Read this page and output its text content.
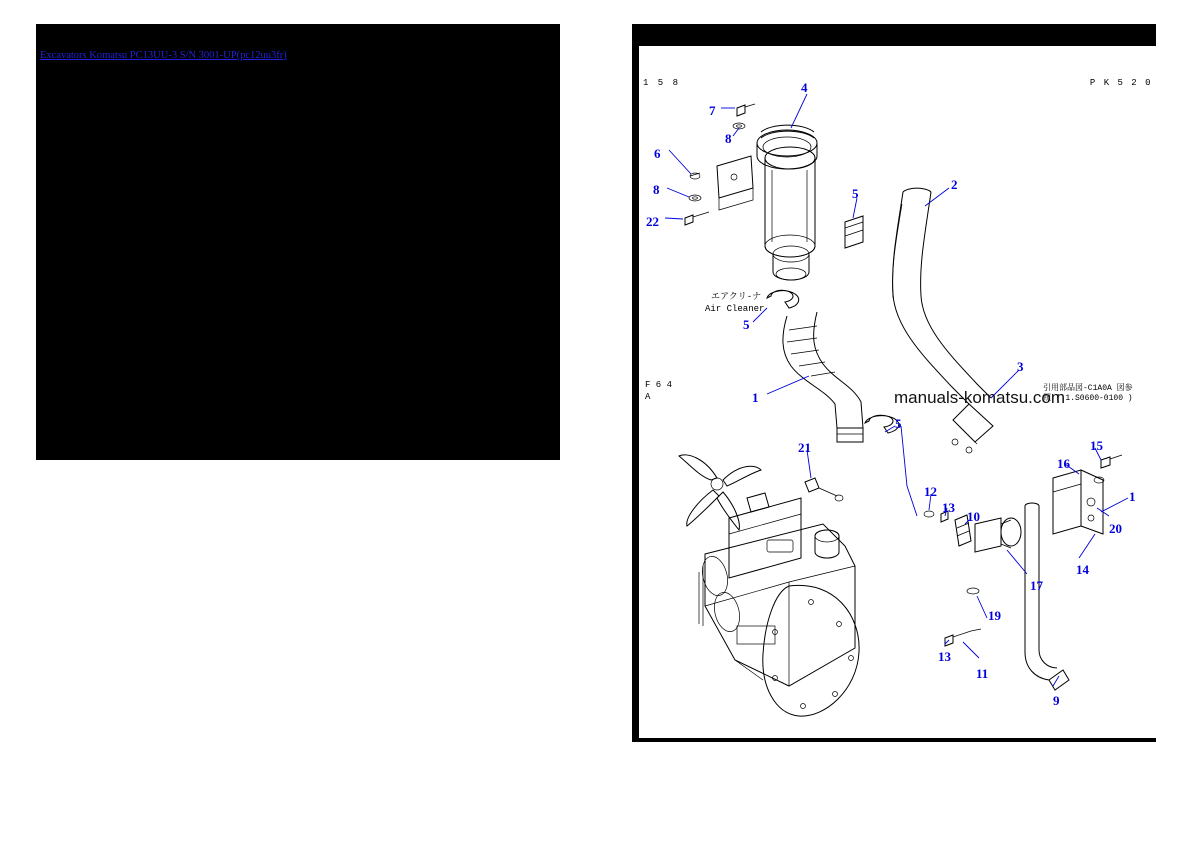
Excavators Komatsu PC13UU-3 S/N 3001-UP(pc12uu3fr)
1 5 8	P K 5 2 0
F 6 4
A
エアクリ-ナ
Air Cleaner
引用部品図-C1A0A 図参
照 ( 1.S0600-0100 )
manuals-komatsu.com
4
7
8
6
8
22
5
2
5
1
3
5
21	15
16
1
20
14
12
13
10
17
19
13
11
9
